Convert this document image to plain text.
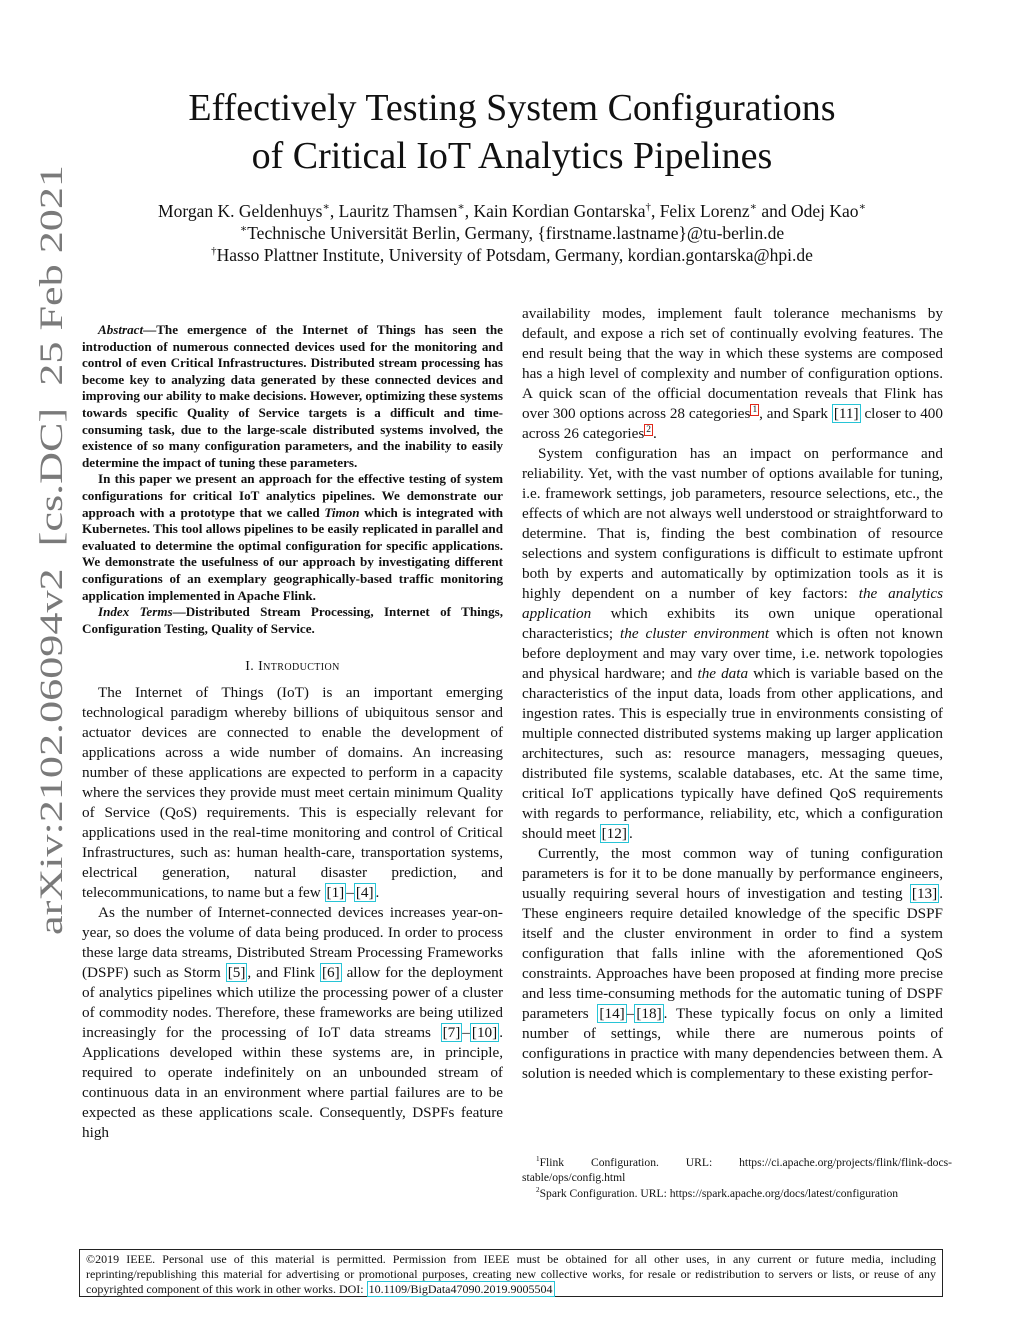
Effectively Testing System Configurations
of Critical IoT Analytics Pipelines
Morgan K. Geldenhuys∗, Lauritz Thamsen∗, Kain Kordian Gontarska†, Felix Lorenz∗ and Odej Kao∗
∗Technische Universität Berlin, Germany, {firstname.lastname}@tu-berlin.de
†Hasso Plattner Institute, University of Potsdam, Germany, kordian.gontarska@hpi.de
arXiv:2102.06094v2  [cs.DC]  25 Feb 2021

Abstract—The emergence of the Internet of Things has seen the introduction of numerous connected devices used for the monitoring and control of even Critical Infrastructures. Distributed stream processing has become key to analyzing data generated by these connected devices and improving our ability to make decisions. However, optimizing these systems towards specific Quality of Service targets is a difficult and time-consuming task, due to the large-scale distributed systems involved, the existence of so many configuration parameters, and the inability to easily determine the impact of tuning these parameters.

In this paper we present an approach for the effective testing of system configurations for critical IoT analytics pipelines. We demonstrate our approach with a prototype that we called Timon which is integrated with Kubernetes. This tool allows pipelines to be easily replicated in parallel and evaluated to determine the optimal configuration for specific applications. We demonstrate the usefulness of our approach by investigating different configurations of an exemplary geographically-based traffic monitoring application implemented in Apache Flink.

Index Terms—Distributed Stream Processing, Internet of Things, Configuration Testing, Quality of Service.

I. Introduction

The Internet of Things (IoT) is an important emerging technological paradigm whereby billions of ubiquitous sensor and actuator devices are connected to enable the development of applications across a wide number of domains. An increasing number of these applications are expected to perform in a capacity where the services they provide must meet certain minimum Quality of Service (QoS) requirements. This is especially relevant for applications used in the real-time monitoring and control of Critical Infrastructures, such as: human health-care, transportation systems, electrical generation, natural disaster prediction, and telecommunications, to name but a few [1] – [4] .

As the number of Internet-connected devices increases year-on-year, so does the volume of data being produced. In order to process these large data streams, Distributed Stream Processing Frameworks (DSPF) such as Storm [5] , and Flink [6] allow for the deployment of analytics pipelines which utilize the processing power of a cluster of commodity nodes. Therefore, these frameworks are being utilized increasingly for the processing of IoT data streams [7] – [10] . Applications developed within these systems are, in principle, required to operate indefinitely on an unbounded stream of continuous data in an environment where partial failures are to be expected as these applications scale. Consequently, DSPFs feature high

availability modes, implement fault tolerance mechanisms by default, and expose a rich set of continually evolving features. The end result being that the way in which these systems are composed has a high level of complexity and number of configuration options. A quick scan of the official documentation reveals that Flink has over 300 options across 28 categories $^1$ , and Spark [11] closer to 400 across 26 categories $^2$ .

System configuration has an impact on performance and reliability. Yet, with the vast number of options available for tuning, i.e. framework settings, job parameters, resource selections, etc., the effects of which are not always well understood or straightforward to determine. That is, finding the best combination of resource selections and system configurations is difficult to estimate upfront both by experts and automatically by optimization tools as it is highly dependent on a number of key factors: the analytics application which exhibits its own unique operational characteristics; the cluster environment which is often not known before deployment and may vary over time, i.e. network topologies and physical hardware; and the data which is variable based on the characteristics of the input data, loads from other applications, and ingestion rates. This is especially true in environments consisting of multiple connected distributed systems making up larger application architectures, such as: resource managers, messaging queues, distributed file systems, scalable databases, etc. At the same time, critical IoT applications typically have defined QoS requirements with regards to performance, reliability, etc, which a configuration should meet [12] .

Currently, the most common way of tuning configuration parameters is for it to be done manually by performance engineers, usually requiring several hours of investigation and testing [13] . These engineers require detailed knowledge of the specific DSPF itself and the cluster environment in order to find a system configuration that falls inline with the aforementioned QoS constraints. Approaches have been proposed at finding more precise and less time-consuming methods for the automatic tuning of DSPF parameters [14] – [18] . These typically focus on only a limited number of settings, while there are numerous points of configurations in practice with many dependencies between them. A solution is needed which is complementary to these existing perfor-

$^1$Flink Configuration. URL: https://ci.apache.org/projects/flink/flink-docs-stable/ops/config.html

$^2$Spark Configuration. URL: https://spark.apache.org/docs/latest/configuration

©2019 IEEE. Personal use of this material is permitted. Permission from IEEE must be obtained for all other uses, in any current or future media, including reprinting/republishing this material for advertising or promotional purposes, creating new collective works, for resale or redistribution to servers or lists, or reuse of any copyrighted component of this work in other works. DOI: 10.1109/BigData47090.2019.9005504
